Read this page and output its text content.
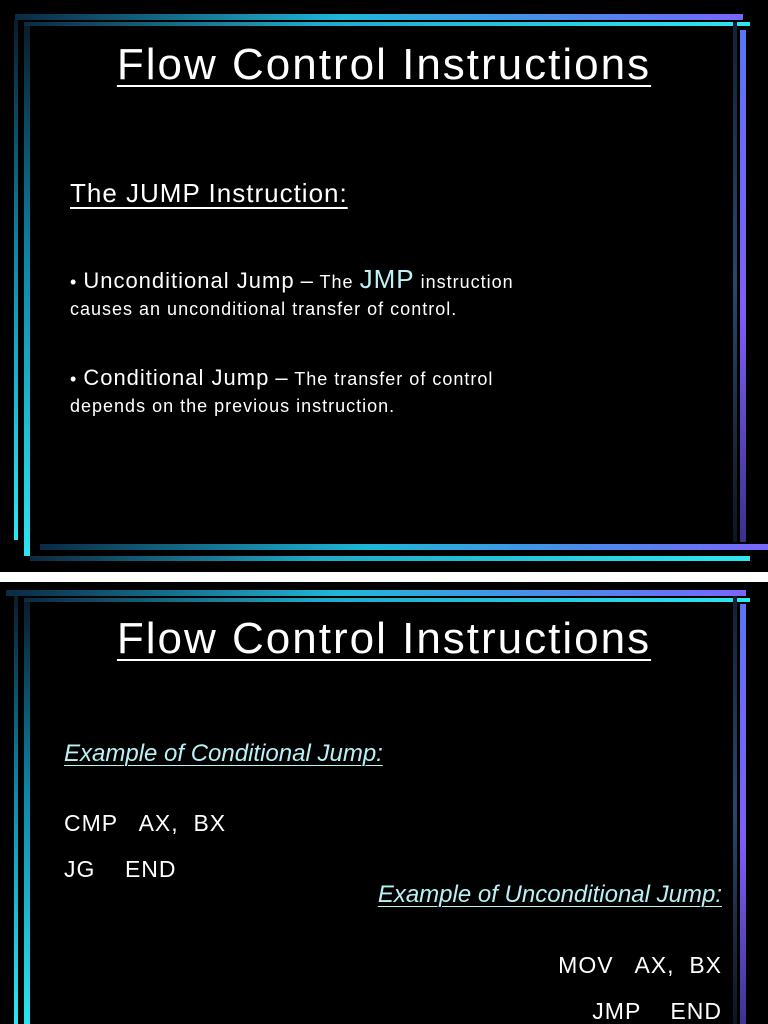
Flow Control Instructions
The JUMP Instruction:
• Unconditional Jump – The JMP instruction
causes an unconditional transfer of control.
• Conditional Jump – The transfer of control
depends on the previous instruction.
Flow Control Instructions
Example of Conditional Jump:
CMP   AX,  BX
JG    END
Example of Unconditional Jump:
MOV   AX,  BX
JMP    END
